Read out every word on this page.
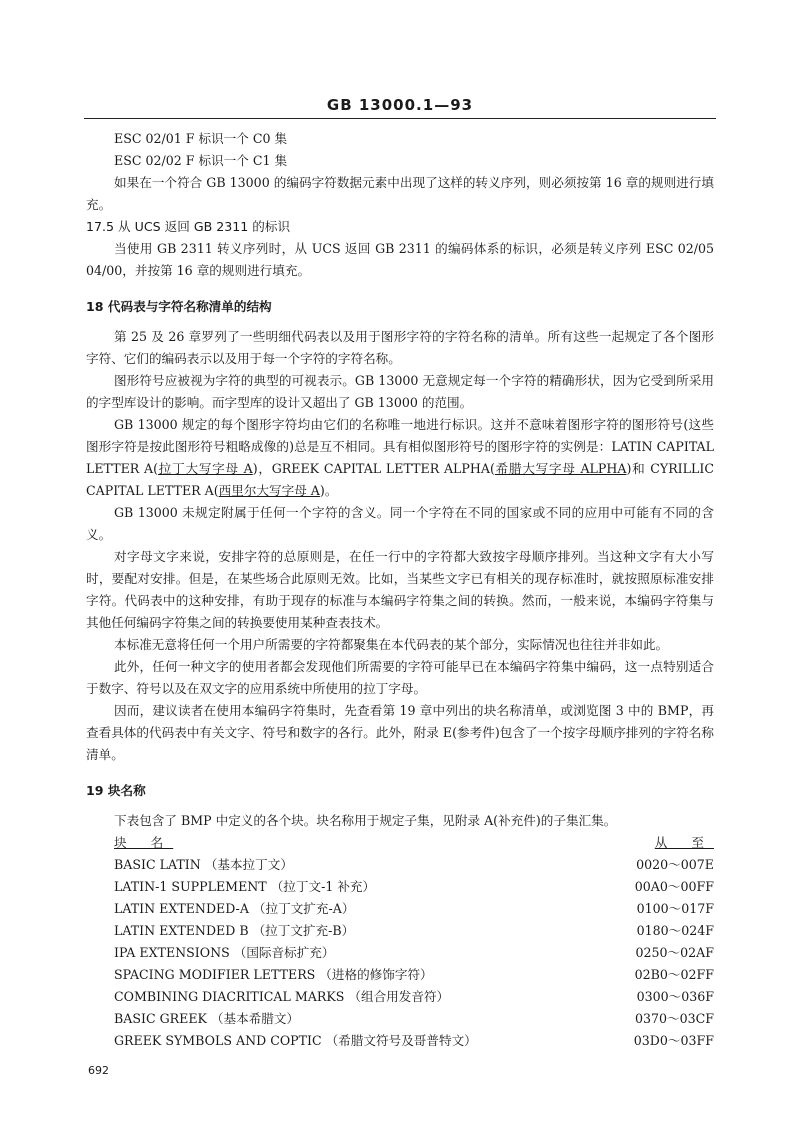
GB 13000.1—93
ESC 02/01 F 标识一个 C0 集
ESC 02/02 F 标识一个 C1 集

如果在一个符合 GB 13000 的编码字符数据元素中出现了这样的转义序列，则必须按第 16 章的规则进行填充。

17.5 从 UCS 返回 GB 2311 的标识

当使用 GB 2311 转义序列时，从 UCS 返回 GB 2311 的编码体系的标识，必须是转义序列 ESC 02/05 04/00，并按第 16 章的规则进行填充。

18 代码表与字符名称清单的结构

第 25 及 26 章罗列了一些明细代码表以及用于图形字符的字符名称的清单。所有这些一起规定了各个图形字符、它们的编码表示以及用于每一个字符的字符名称。

图形符号应被视为字符的典型的可视表示。GB 13000 无意规定每一个字符的精确形状，因为它受到所采用的字型库设计的影响。而字型库的设计又超出了 GB 13000 的范围。

GB 13000 规定的每个图形字符均由它们的名称唯一地进行标识。这并不意味着图形字符的图形符号(这些图形字符是按此图形符号粗略成像的)总是互不相同。具有相似图形符号的图形字符的实例是：LATIN CAPITAL LETTER A(拉丁大写字母 A)，GREEK CAPITAL LETTER ALPHA(希腊大写字母 ALPHA)和 CYRILLIC CAPITAL LETTER A(西里尔大写字母 A)。

GB 13000 未规定附属于任何一个字符的含义。同一个字符在不同的国家或不同的应用中可能有不同的含义。

对字母文字来说，安排字符的总原则是，在任一行中的字符都大致按字母顺序排列。当这种文字有大小写时，要配对安排。但是，在某些场合此原则无效。比如，当某些文字已有相关的现存标准时，就按照原标准安排字符。代码表中的这种安排，有助于现存的标准与本编码字符集之间的转换。然而，一般来说，本编码字符集与其他任何编码字符集之间的转换要使用某种查表技术。

本标准无意将任何一个用户所需要的字符都聚集在本代码表的某个部分，实际情况也往往并非如此。

此外，任何一种文字的使用者都会发现他们所需要的字符可能早已在本编码字符集中编码，这一点特别适合于数字、符号以及在双文字的应用系统中所使用的拉丁字母。

因而，建议读者在使用本编码字符集时，先查看第 19 章中列出的块名称清单，或浏览图 3 中的 BMP，再查看具体的代码表中有关文字、符号和数字的各行。此外，附录 E(参考件)包含了一个按字母顺序排列的字符名称清单。

19 块名称

下表包含了 BMP 中定义的各个块。块名称用于规定子集，见附录 A(补充件)的子集汇集。

块 名	从 至
BASIC LATIN （基本拉丁文）	0020～007E
LATIN-1 SUPPLEMENT （拉丁文-1 补充）	00A0～00FF
LATIN EXTENDED-A （拉丁文扩充-A）	0100～017F
LATIN EXTENDED B （拉丁文扩充-B）	0180～024F
IPA EXTENSIONS （国际音标扩充）	0250～02AF
SPACING MODIFIER LETTERS （进格的修饰字符）	02B0～02FF
COMBINING DIACRITICAL MARKS （组合用发音符）	0300～036F
BASIC GREEK （基本希腊文）	0370～03CF
GREEK SYMBOLS AND COPTIC （希腊文符号及哥普特文）	03D0～03FF
692
